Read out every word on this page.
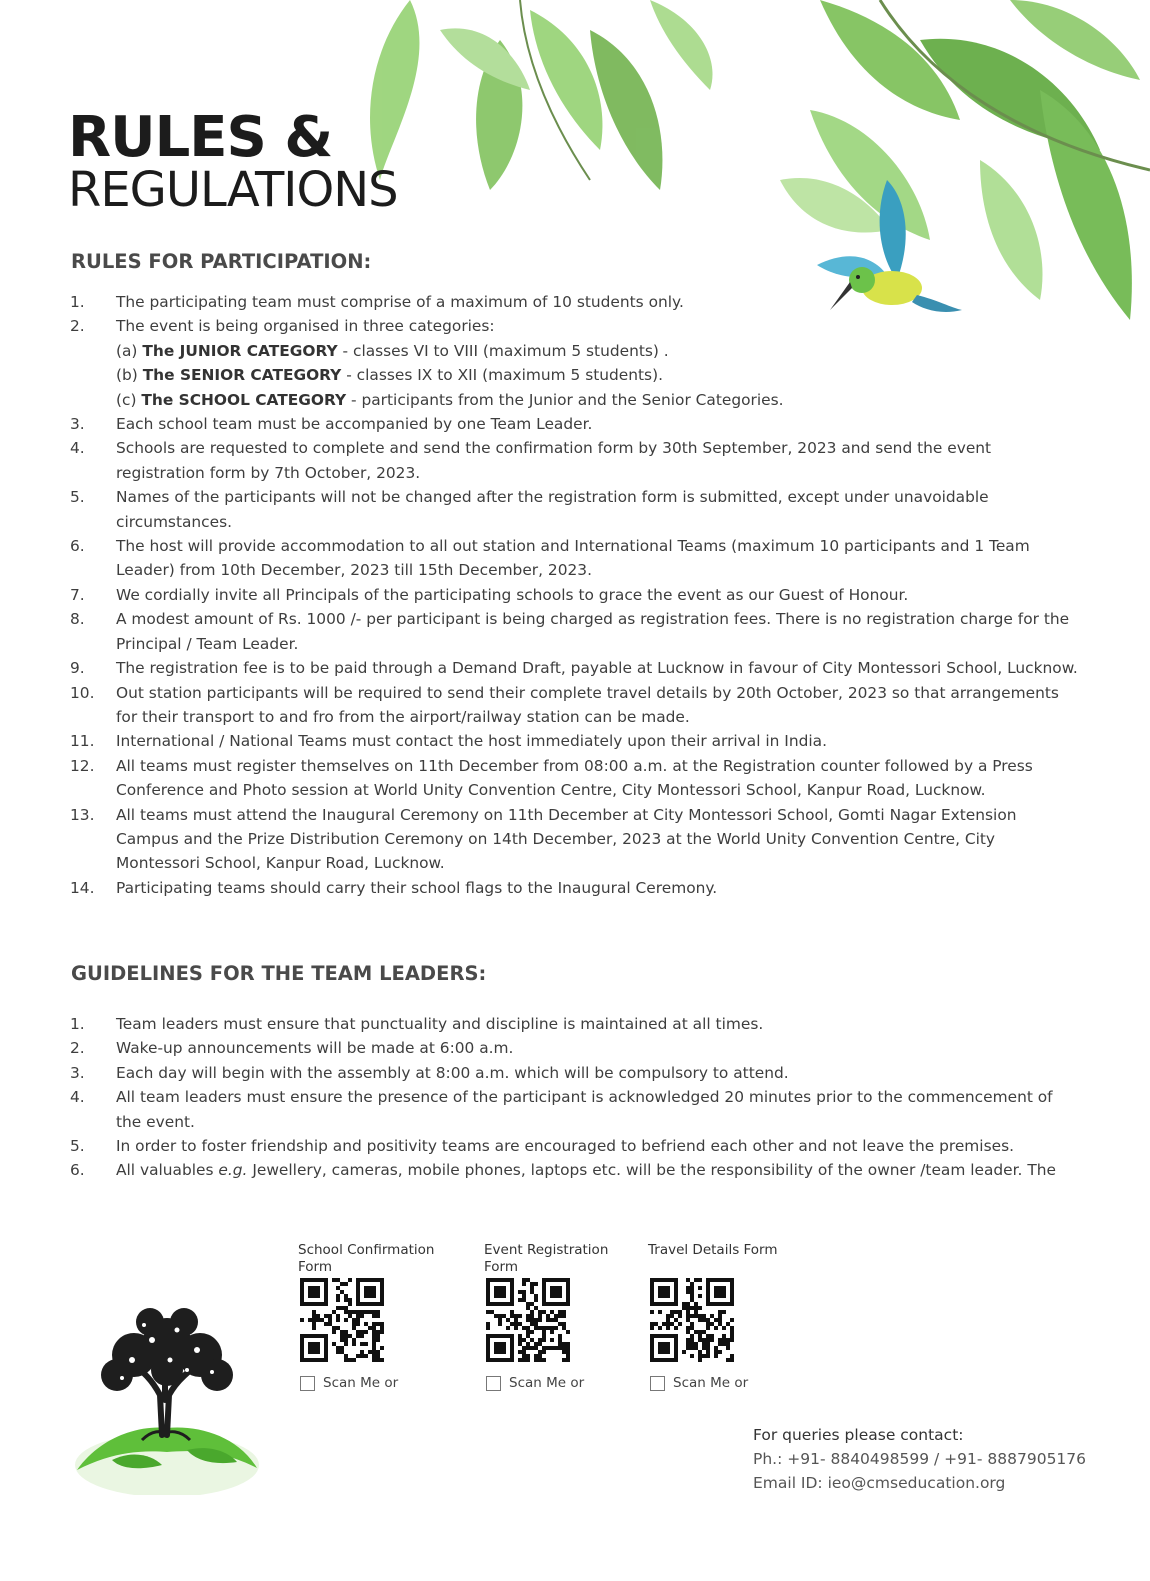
RULES &
REGULATIONS
RULES FOR PARTICIPATION:
1.	The participating team must comprise of a maximum of 10 students only.
2.	The event is being organised in three categories:
(a) The JUNIOR CATEGORY - classes VI to VIII (maximum 5 students) .
(b) The SENIOR CATEGORY - classes IX to XII (maximum 5 students).
(c) The SCHOOL CATEGORY - participants from the Junior and the Senior Categories.
3.	Each school team must be accompanied by one Team Leader.
4.	Schools are requested to complete and send the confirmation form by 30th September, 2023 and send the event registration form by 7th October, 2023.
5.	Names of the participants will not be changed after the registration form is submitted, except under unavoidable circumstances.
6.	The host will provide accommodation to all out station and International Teams (maximum 10 participants and 1 Team Leader) from 10th December, 2023 till 15th December, 2023.
7.	We cordially invite all Principals of the participating schools to grace the event as our Guest of Honour.
8.	A modest amount of Rs. 1000 /- per participant is being charged as registration fees. There is no registration charge for the Principal / Team Leader.
9.	The registration fee is to be paid through a Demand Draft, payable at Lucknow in favour of City Montessori School, Lucknow.
10.	Out station participants will be required to send their complete travel details by 20th October, 2023 so that arrangements for their transport to and fro from the airport/railway station can be made.
11.	International / National Teams must contact the host immediately upon their arrival in India.
12.	All teams must register themselves on 11th December from 08:00 a.m. at the Registration counter followed by a Press Conference and Photo session at World Unity Convention Centre, City Montessori School, Kanpur Road, Lucknow.
13.	All teams must attend the Inaugural Ceremony on 11th December at City Montessori School, Gomti Nagar Extension Campus and the Prize Distribution Ceremony on 14th December, 2023 at the World Unity Convention Centre, City Montessori School, Kanpur Road, Lucknow.
14.	Participating teams should carry their school flags to the Inaugural Ceremony.
GUIDELINES FOR THE TEAM LEADERS:
1.	Team leaders must ensure that punctuality and discipline is maintained at all times.
2.	Wake-up announcements will be made at 6:00 a.m.
3.	Each day will begin with the assembly at 8:00 a.m. which will be compulsory to attend.
4.	All team leaders must ensure the presence of the participant is acknowledged 20 minutes prior to the commencement of the event.
5.	In order to foster friendship and positivity teams are encouraged to befriend each other and not leave the premises.
6.	All valuables e.g. Jewellery, cameras, mobile phones, laptops etc. will be the responsibility of the owner /team leader. The
School Confirmation Form
Scan Me or
Event Registration Form
Scan Me or
Travel Details Form
Scan Me or
For queries please contact:
Ph.: +91- 8840498599 / +91- 8887905176
Email ID: ieo@cmseducation.org
